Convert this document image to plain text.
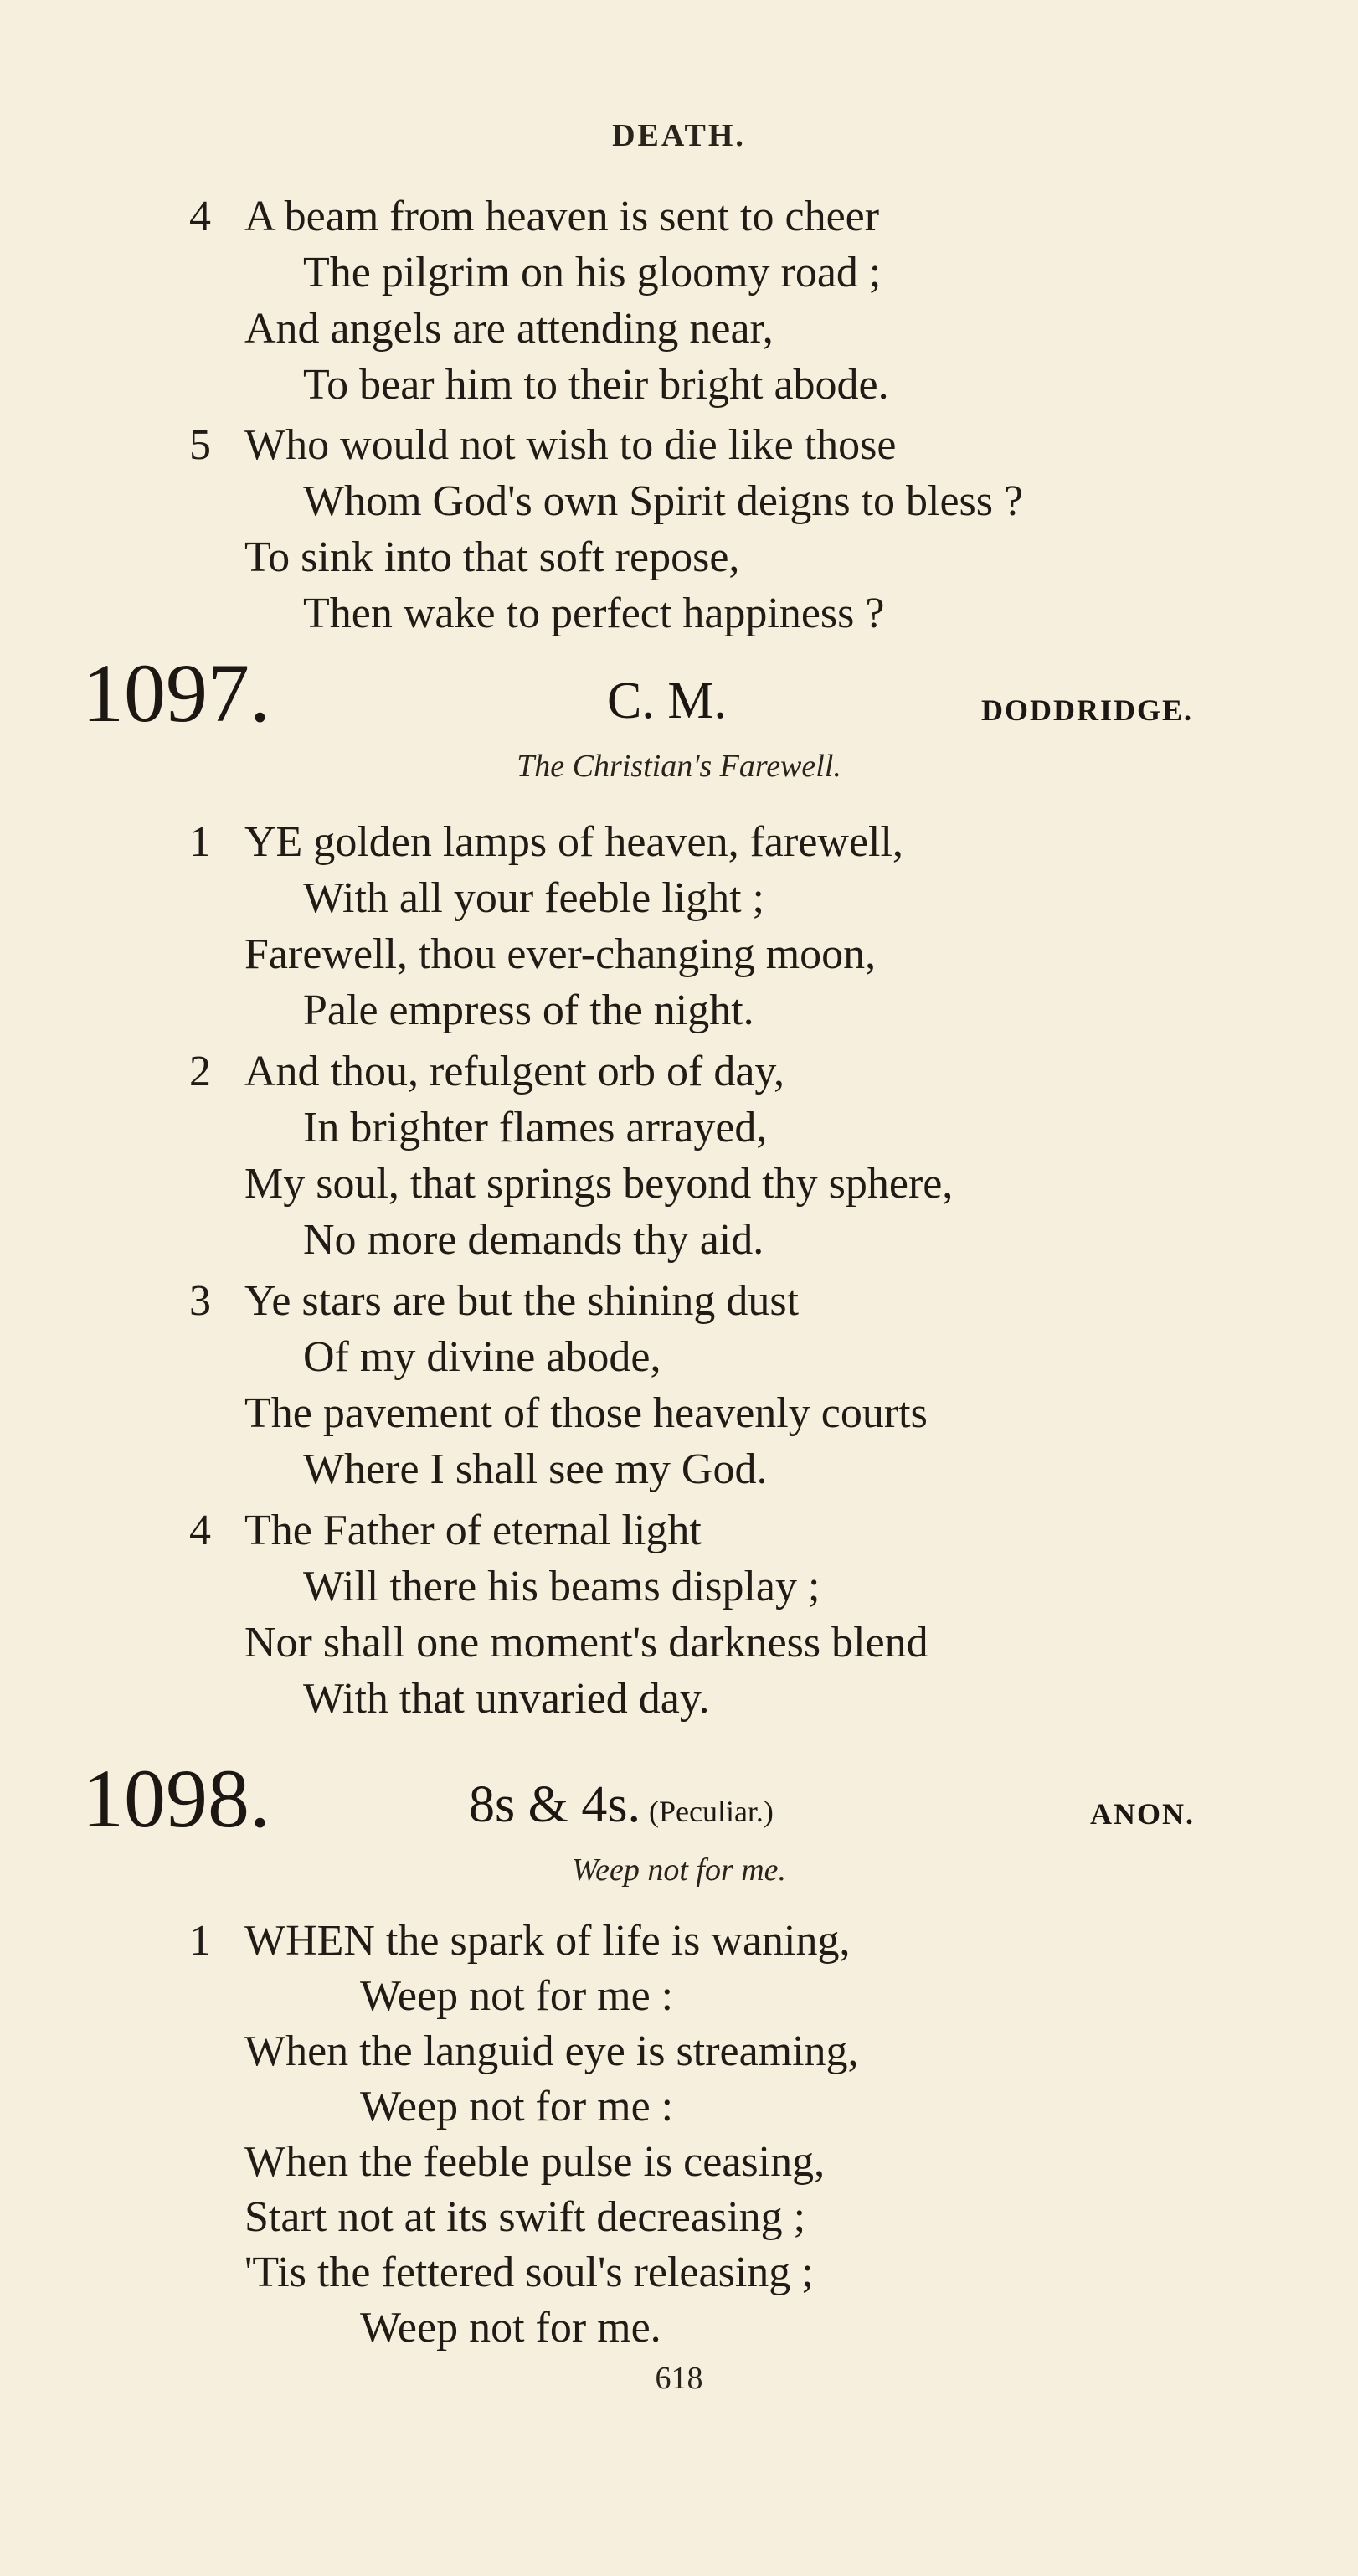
DEATH.
4 A beam from heaven is sent to cheer
The pilgrim on his gloomy road ;
And angels are attending near,
To bear him to their bright abode.
5 Who would not wish to die like those
Whom God's own Spirit deigns to bless ?
To sink into that soft repose,
Then wake to perfect happiness ?
1097.	C. M.	DODDRIDGE.
The Christian's Farewell.
1 YE golden lamps of heaven, farewell,
With all your feeble light ;
Farewell, thou ever-changing moon,
Pale empress of the night.
2 And thou, refulgent orb of day,
In brighter flames arrayed,
My soul, that springs beyond thy sphere,
No more demands thy aid.
3 Ye stars are but the shining dust
Of my divine abode,
The pavement of those heavenly courts
Where I shall see my God.
4 The Father of eternal light
Will there his beams display ;
Nor shall one moment's darkness blend
With that unvaried day.
1098.	8s & 4s. (Peculiar.)	ANON.
Weep not for me.
1 WHEN the spark of life is waning,
Weep not for me :
When the languid eye is streaming,
Weep not for me :
When the feeble pulse is ceasing,
Start not at its swift decreasing ;
'Tis the fettered soul's releasing ;
Weep not for me.
618
